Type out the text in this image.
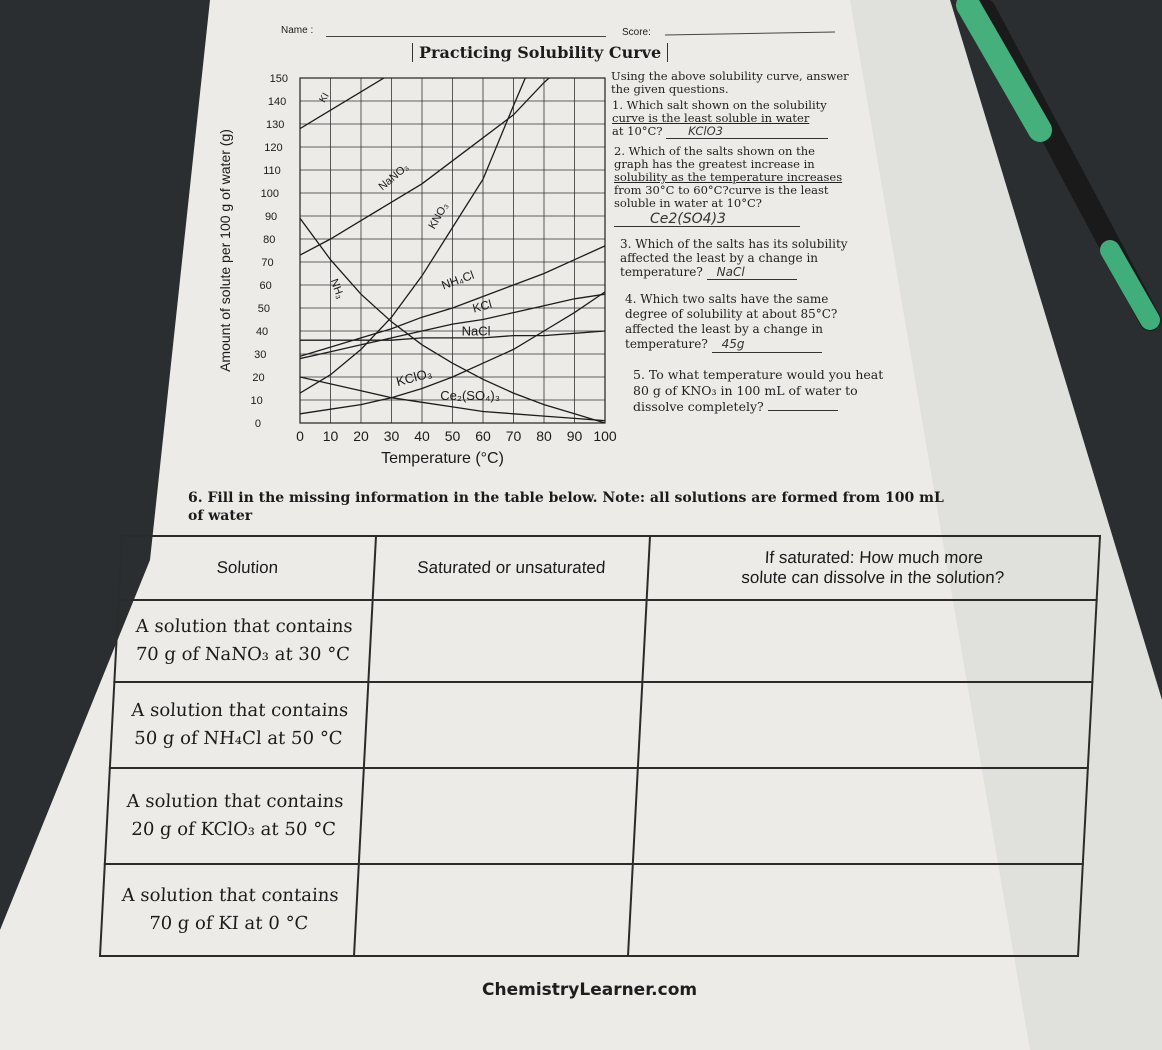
Name :	Score:
Practicing Solubility Curve
0 10 20 30 40 50 60 70 80 90 100
0
10
20
30
40
50
60
70
80
90
100
110
120
130
140
150
KI
NaNO₃
KNO₃
NH₃	NH₄Cl
KCl
NaCl
KClO₃
Ce₂(SO₄)₃
Temperature (°C)
Amount of solute per 100 g of water (g)
Using the above solubility curve, answer
the given questions.
1. Which salt shown on the solubility
curve is the least soluble in water
at 10°C? KClO3
2. Which of the salts shown on the
graph has the greatest increase in
solubility as the temperature increases
from 30°C to 60°C?curve is the least
soluble in water at 10°C?
Ce2(SO4)3
3. Which of the salts has its solubility
affected the least by a change in
temperature? NaCl
4. Which two salts have the same
degree of solubility at about 85°C?
affected the least by a change in
temperature? 45g
5. To what temperature would you heat
80 g of KNO₃ in 100 mL of water to
dissolve completely?
6. Fill in the missing information in the table below. Note: all solutions are formed from 100 mL
of water
Solution	Saturated or unsaturated	If saturated: How much more
solute can dissolve in the solution?

A solution that contains
70 g of NaNO₃ at 30 °C		

A solution that contains
50 g of NH₄Cl at 50 °C		

A solution that contains
20 g of KClO₃ at 50 °C		

A solution that contains
70 g of KI at 0 °C		

ChemistryLearner.com
